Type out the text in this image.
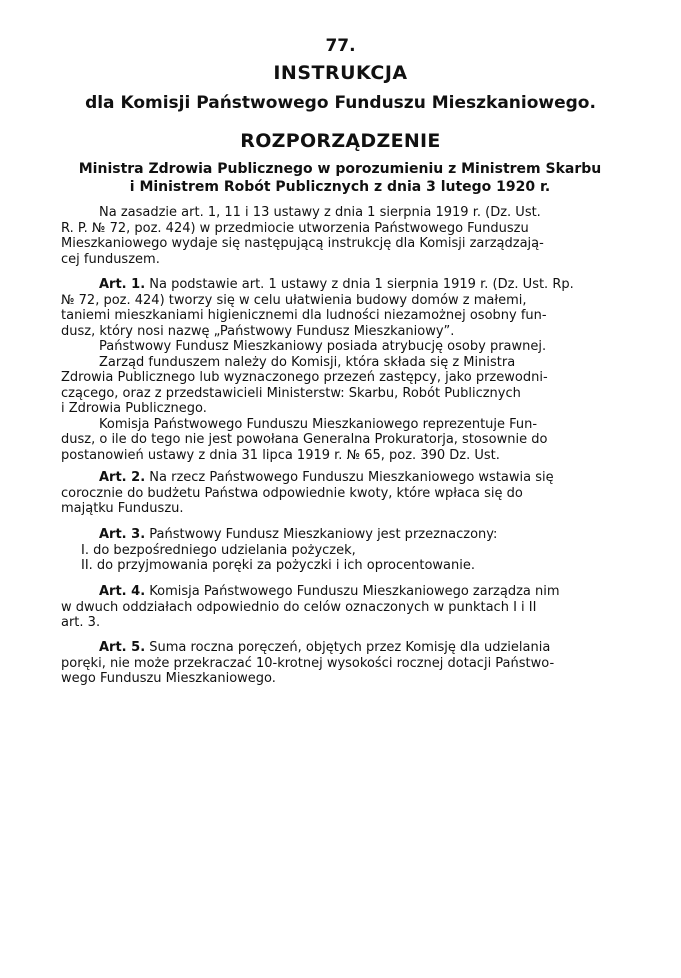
77.
INSTRUKCJA
dla Komisji Państwowego Funduszu Mieszkaniowego.
ROZPORZĄDZENIE
Ministra Zdrowia Publicznego w porozumieniu z Ministrem Skarbu
i Ministrem Robót Publicznych z dnia 3 lutego 1920 r.
Na zasadzie art. 1, 11 i 13 ustawy z dnia 1 sierpnia 1919 r. (Dz. Ust.
R. P. № 72, poz. 424) w przedmiocie utworzenia Państwowego Funduszu
Mieszkaniowego wydaje się następującą instrukcję dla Komisji zarządzają-
cej funduszem.
Art. 1. Na podstawie art. 1 ustawy z dnia 1 sierpnia 1919 r. (Dz. Ust. Rp.
№ 72, poz. 424) tworzy się w celu ułatwienia budowy domów z małemi,
taniemi mieszkaniami higienicznemi dla ludności niezamożnej osobny fun-
dusz, który nosi nazwę „Państwowy Fundusz Mieszkaniowy”.
Państwowy Fundusz Mieszkaniowy posiada atrybucję osoby prawnej.
Zarząd funduszem należy do Komisji, która składa się z Ministra
Zdrowia Publicznego lub wyznaczonego przezeń zastępcy, jako przewodni-
czącego, oraz z przedstawicieli Ministerstw: Skarbu, Robót Publicznych
i Zdrowia Publicznego.
Komisja Państwowego Funduszu Mieszkaniowego reprezentuje Fun-
dusz, o ile do tego nie jest powołana Generalna Prokuratorja, stosownie do
postanowień ustawy z dnia 31 lipca 1919 r. № 65, poz. 390 Dz. Ust.
Art. 2. Na rzecz Państwowego Funduszu Mieszkaniowego wstawia się
corocznie do budżetu Państwa odpowiednie kwoty, które wpłaca się do
majątku Funduszu.
Art. 3. Państwowy Fundusz Mieszkaniowy jest przeznaczony:
I. do bezpośredniego udzielania pożyczek,
II. do przyjmowania poręki za pożyczki i ich oprocentowanie.
Art. 4. Komisja Państwowego Funduszu Mieszkaniowego zarządza nim
w dwuch oddziałach odpowiednio do celów oznaczonych w punktach I i II
art. 3.
Art. 5. Suma roczna poręczeń, objętych przez Komisję dla udzielania
poręki, nie może przekraczać 10-krotnej wysokości rocznej dotacji Państwo-
wego Funduszu Mieszkaniowego.
